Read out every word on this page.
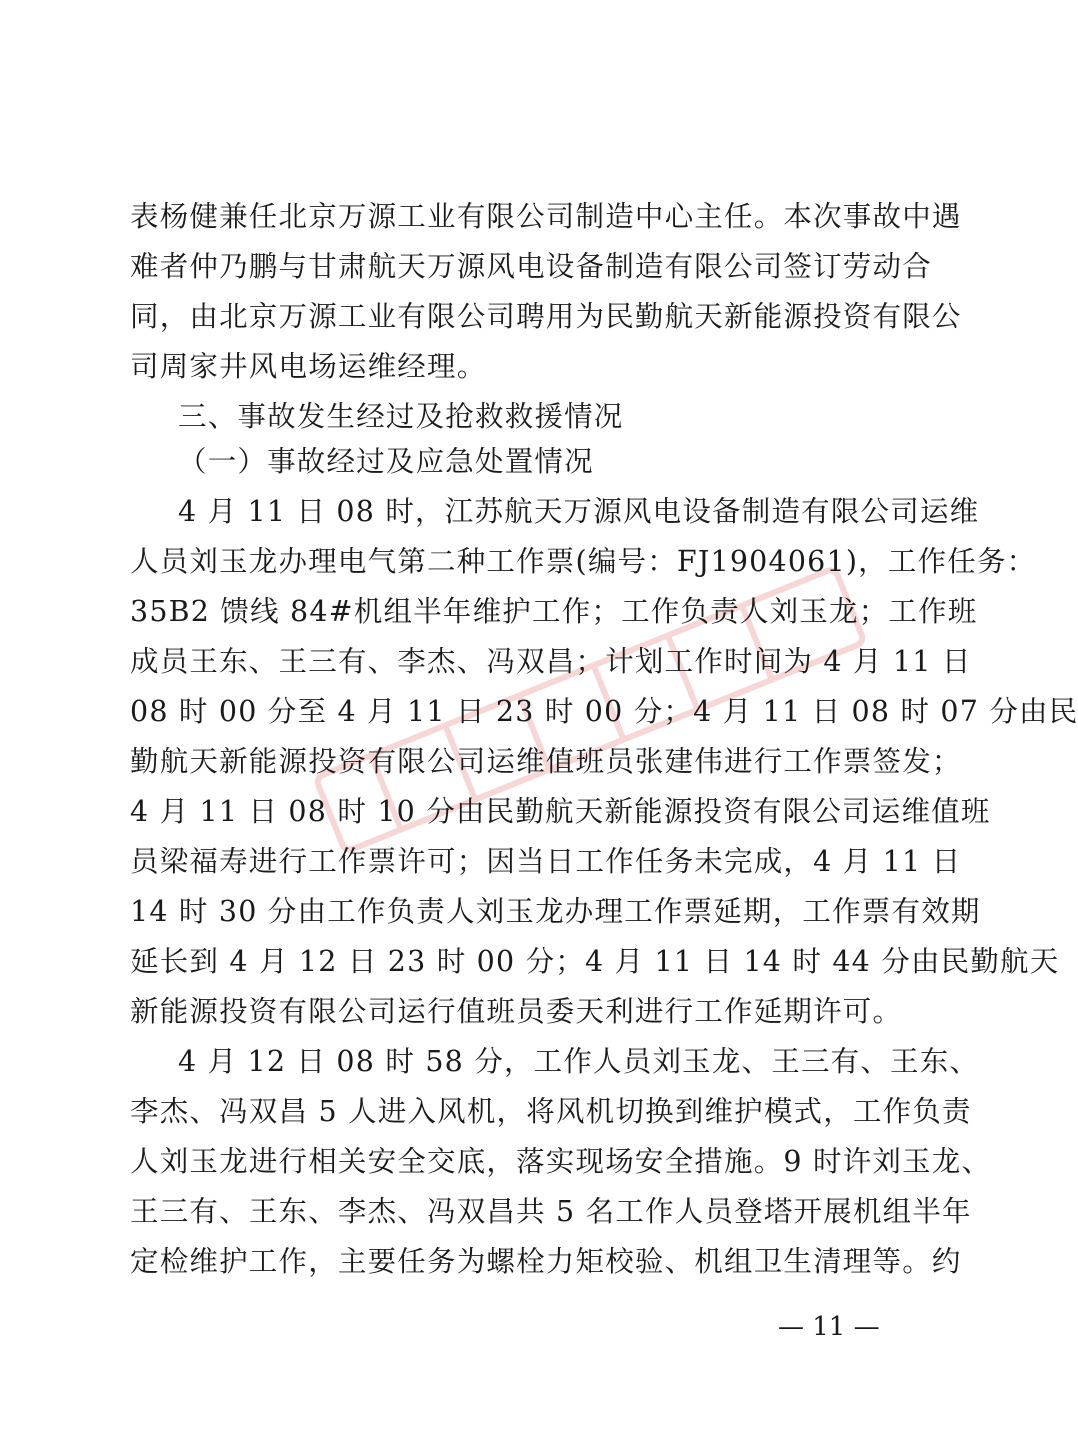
表杨健兼任北京万源工业有限公司制造中心主任。本次事故中遇
难者仲乃鹏与甘肃航天万源风电设备制造有限公司签订劳动合
同，由北京万源工业有限公司聘用为民勤航天新能源投资有限公
司周家井风电场运维经理。
三、事故发生经过及抢救救援情况
（一）事故经过及应急处置情况
4 月 11 日 08 时，江苏航天万源风电设备制造有限公司运维
人员刘玉龙办理电气第二种工作票(编号：FJ1904061)，工作任务：
35B2 馈线 84#机组半年维护工作；工作负责人刘玉龙；工作班
成员王东、王三有、李杰、冯双昌；计划工作时间为 4 月 11 日
08 时 00 分至 4 月 11 日 23 时 00 分；4 月 11 日 08 时 07 分由民
勤航天新能源投资有限公司运维值班员张建伟进行工作票签发；
4 月 11 日 08 时 10 分由民勤航天新能源投资有限公司运维值班
员梁福寿进行工作票许可；因当日工作任务未完成，4 月 11 日
14 时 30 分由工作负责人刘玉龙办理工作票延期，工作票有效期
延长到 4 月 12 日 23 时 00 分；4 月 11 日 14 时 44 分由民勤航天
新能源投资有限公司运行值班员委天利进行工作延期许可。
4 月 12 日 08 时 58 分，工作人员刘玉龙、王三有、王东、
李杰、冯双昌 5 人进入风机，将风机切换到维护模式，工作负责
人刘玉龙进行相关安全交底，落实现场安全措施。9 时许刘玉龙、
王三有、王东、李杰、冯双昌共 5 名工作人员登塔开展机组半年
定检维护工作，主要任务为螺栓力矩校验、机组卫生清理等。约
— 11 —
